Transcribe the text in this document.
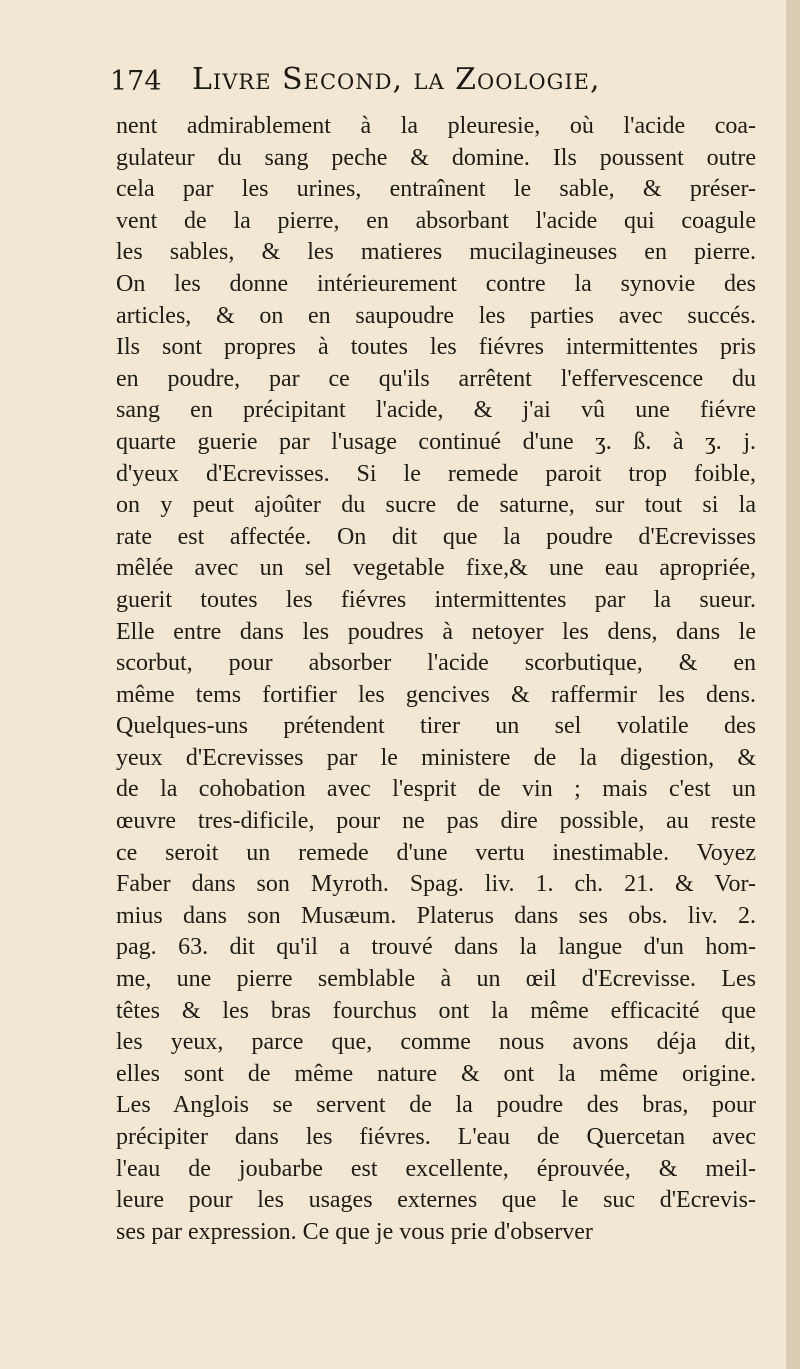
174 Livre Second, la Zoologie,
nent admirablement à la pleuresie, où l'acide coa-
gulateur du sang peche & domine. Ils poussent outre
cela par les urines, entraînent le sable, & préser-
vent de la pierre, en absorbant l'acide qui coagule
les sables, & les matieres mucilagineuses en pierre.
On les donne intérieurement contre la synovie des
articles, & on en saupoudre les parties avec succés.
Ils sont propres à toutes les fiévres intermittentes pris
en poudre, par ce qu'ils arrêtent l'effervescence du
sang en précipitant l'acide, & j'ai vû une fiévre
quarte guerie par l'usage continué d'une ʒ. ß. à ʒ. j.
d'yeux d'Ecrevisses. Si le remede paroit trop foible,
on y peut ajoûter du sucre de saturne, sur tout si la
rate est affectée. On dit que la poudre d'Ecrevisses
mêlée avec un sel vegetable fixe,& une eau apropriée,
guerit toutes les fiévres intermittentes par la sueur.
Elle entre dans les poudres à netoyer les dens, dans le
scorbut, pour absorber l'acide scorbutique, & en
même tems fortifier les gencives & raffermir les dens.
Quelques-uns prétendent tirer un sel volatile des
yeux d'Ecrevisses par le ministere de la digestion, &
de la cohobation avec l'esprit de vin ; mais c'est un
œuvre tres-dificile, pour ne pas dire possible, au reste
ce seroit un remede d'une vertu inestimable. Voyez
Faber dans son Myroth. Spag. liv. 1. ch. 21. & Vor-
mius dans son Musæum. Platerus dans ses obs. liv. 2.
pag. 63. dit qu'il a trouvé dans la langue d'un hom-
me, une pierre semblable à un œil d'Ecrevisse. Les
têtes & les bras fourchus ont la même efficacité que
les yeux, parce que, comme nous avons déja dit,
elles sont de même nature & ont la même origine.
Les Anglois se servent de la poudre des bras, pour
précipiter dans les fiévres. L'eau de Quercetan avec
l'eau de joubarbe est excellente, éprouvée, & meil-
leure pour les usages externes que le suc d'Ecrevis-
ses par expression. Ce que je vous prie d'observer
